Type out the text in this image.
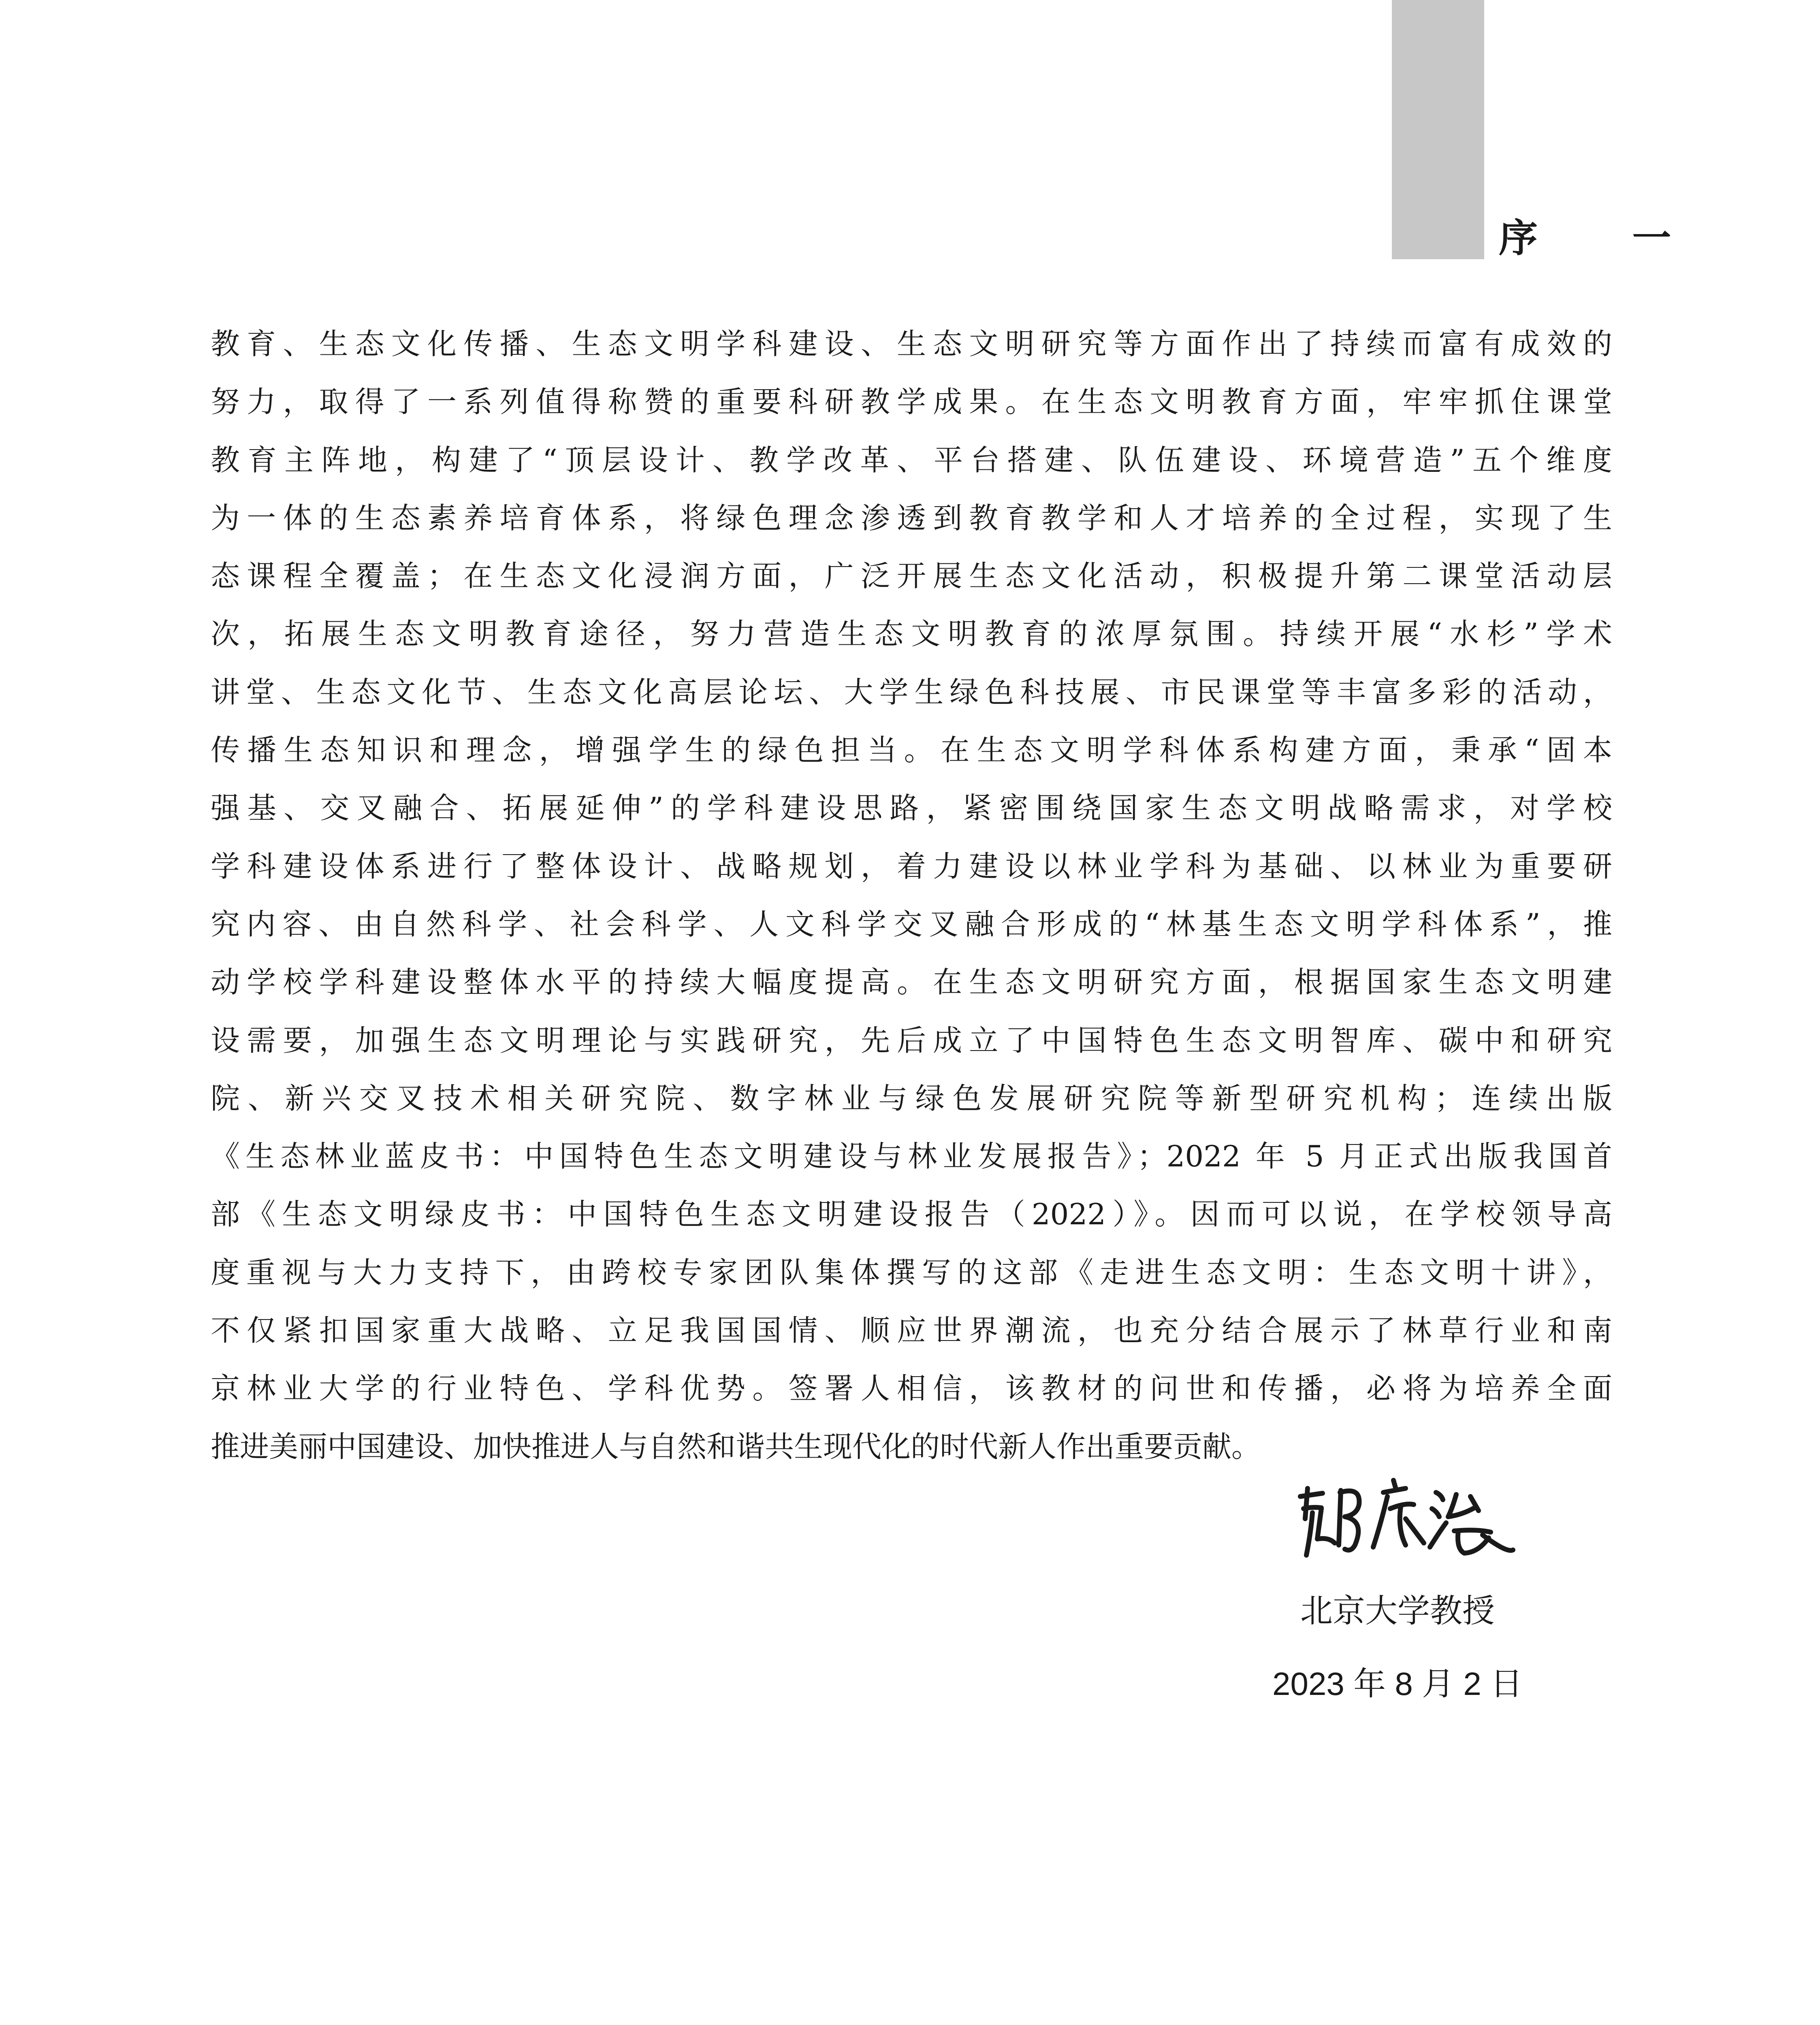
序 一
教育、生态文化传播、生态文明学科建设、生态文明研究等方面作出了持续而富有成效的
努力，取得了一系列值得称赞的重要科研教学成果。在生态文明教育方面，牢牢抓住课堂
教育主阵地，构建了“顶层设计、教学改革、平台搭建、队伍建设、环境营造”五个维度
为一体的生态素养培育体系，将绿色理念渗透到教育教学和人才培养的全过程，实现了生
态课程全覆盖；在生态文化浸润方面，广泛开展生态文化活动，积极提升第二课堂活动层
次，拓展生态文明教育途径，努力营造生态文明教育的浓厚氛围。持续开展“水杉”学术
讲堂、生态文化节、生态文化高层论坛、大学生绿色科技展、市民课堂等丰富多彩的活动，
传播生态知识和理念，增强学生的绿色担当。在生态文明学科体系构建方面，秉承“固本
强基、交叉融合、拓展延伸”的学科建设思路，紧密围绕国家生态文明战略需求，对学校
学科建设体系进行了整体设计、战略规划，着力建设以林业学科为基础、以林业为重要研
究内容、由自然科学、社会科学、人文科学交叉融合形成的“林基生态文明学科体系”，推
动学校学科建设整体水平的持续大幅度提高。在生态文明研究方面，根据国家生态文明建
设需要，加强生态文明理论与实践研究，先后成立了中国特色生态文明智库、碳中和研究
院、新兴交叉技术相关研究院、数字林业与绿色发展研究院等新型研究机构；连续出版
《生态林业蓝皮书：中国特色生态文明建设与林业发展报告》；2022 年 5 月正式出版我国首
部《生态文明绿皮书：中国特色生态文明建设报告（2022）》。因而可以说，在学校领导高
度重视与大力支持下，由跨校专家团队集体撰写的这部《走进生态文明：生态文明十讲》，
不仅紧扣国家重大战略、立足我国国情、顺应世界潮流，也充分结合展示了林草行业和南
京林业大学的行业特色、学科优势。签署人相信，该教材的问世和传播，必将为培养全面
推进美丽中国建设、加快推进人与自然和谐共生现代化的时代新人作出重要贡献。
北京大学教授
2023 年 8 月 2 日
